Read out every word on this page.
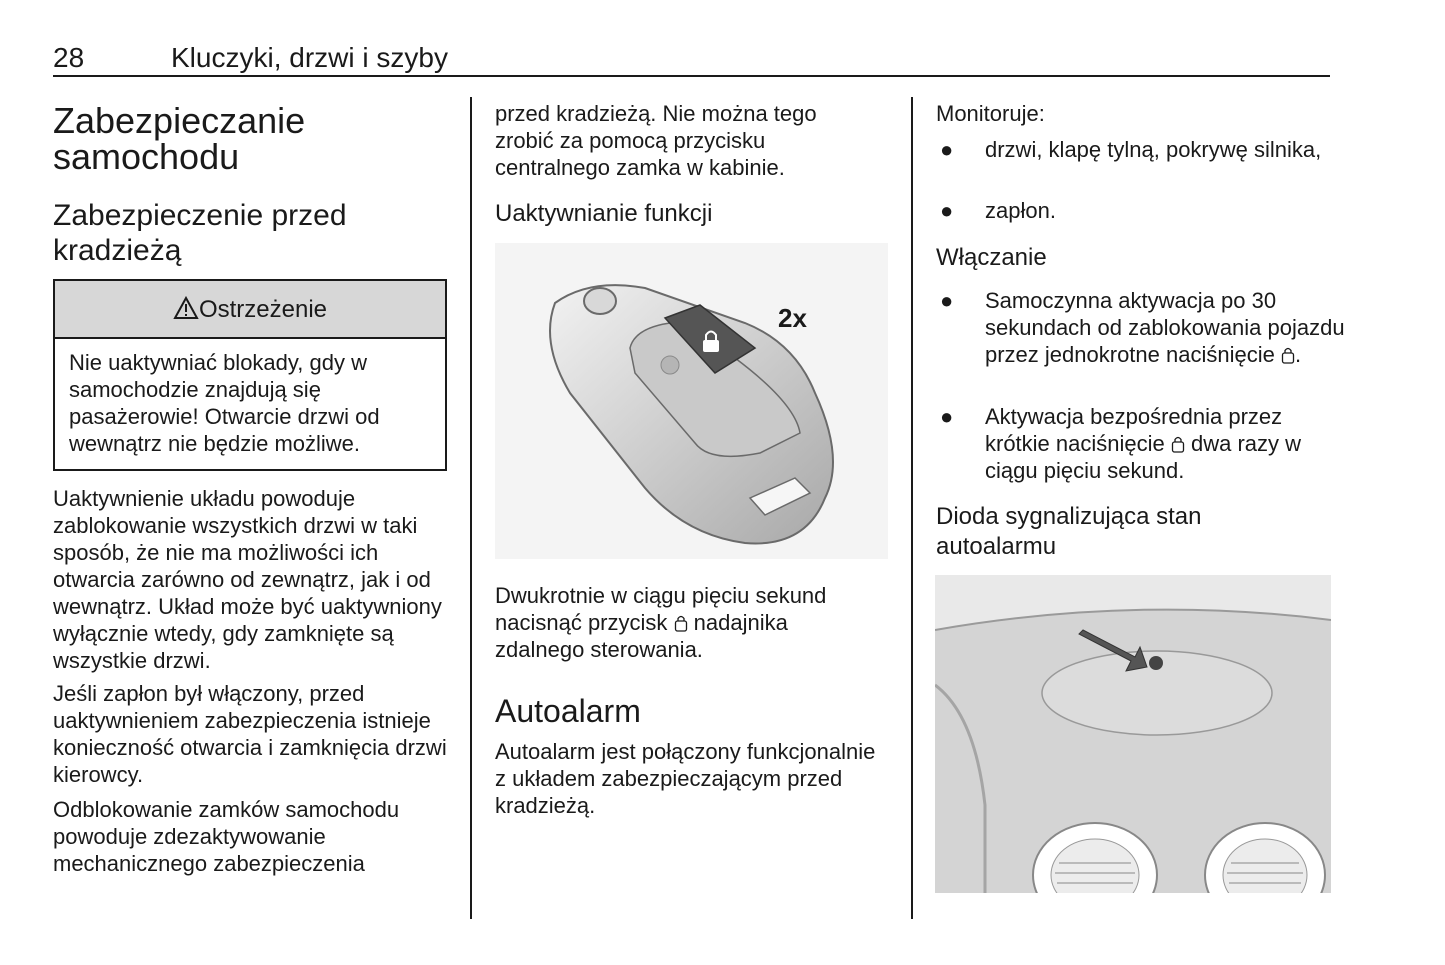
28	Kluczyki, drzwi i szyby
Zabezpieczanie samochodu
Zabezpieczenie przed kradzieżą
Ostrzeżenie
Nie uaktywniać blokady, gdy w samochodzie znajdują się pasażerowie! Otwarcie drzwi od wewnątrz nie będzie możliwe.

Uaktywnienie układu powoduje zablokowanie wszystkich drzwi w taki sposób, że nie ma możliwości ich otwarcia zarówno od zewnątrz, jak i od wewnątrz. Układ może być uaktywniony wyłącznie wtedy, gdy zamknięte są wszystkie drzwi.

Jeśli zapłon był włączony, przed uaktywnieniem zabezpieczenia istnieje konieczność otwarcia i zamknięcia drzwi kierowcy.

Odblokowanie zamków samochodu powoduje zdezaktywowanie mechanicznego zabezpieczenia

przed kradzieżą. Nie można tego zrobić za pomocą przycisku centralnego zamka w kabinie.

Uaktywnianie funkcji
2x

Dwukrotnie w ciągu pięciu sekund nacisnąć przycisk nadajnika zdalnego sterowania.

Autoalarm

Autoalarm jest połączony funkcjonalnie z układem zabezpieczającym przed kradzieżą.

Monitoruje:
● drzwi, klapę tylną, pokrywę silnika,
● zapłon.
Włączanie
● Samoczynna aktywacja po 30 sekundach od zablokowania pojazdu przez jednokrotne naciśnięcie .
● Aktywacja bezpośrednia przez krótkie naciśnięcie dwa razy w ciągu pięciu sekund.
Dioda sygnalizująca stan autoalarmu
